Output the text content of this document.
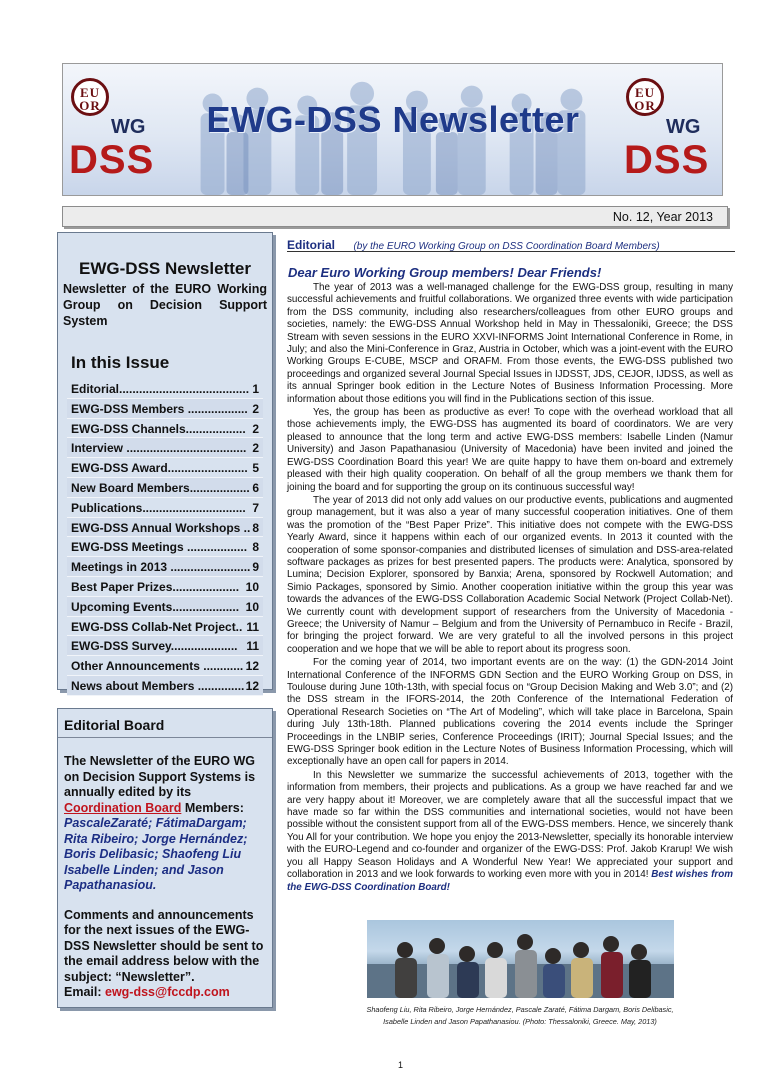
EU
OR
WG
DSS
EWG-DSS Newsletter
EU
OR
WG
DSS
No. 12, Year 2013
EWG-DSS Newsletter
Newsletter of the EURO Working Group on Decision Support System
In this Issue
1
Editorial.......................................
2
EWG-DSS Members ..................
2
EWG-DSS Channels..................
2
Interview ....................................
5
EWG-DSS Award........................
6
New Board Members..................
7
Publications...............................
8
EWG-DSS Annual Workshops ..
8
EWG-DSS Meetings ..................
9
Meetings in 2013 ........................
10
Best Paper Prizes....................
10
Upcoming Events....................
11
EWG-DSS Collab-Net Project..
11
EWG-DSS Survey....................
12
Other Announcements ............
12
News about Members ..............
Editorial Board
The Newsletter of the EURO WG on Decision Support Systems is annually edited by its Coordination Board Members:
PascaleZaraté; FátimaDargam; Rita Ribeiro; Jorge Hernández; Boris Delibasic; Shaofeng Liu Isabelle Linden; and Jason Papathanasiou.
Comments and announcements for the next issues of the EWG-DSS Newsletter should be sent to the email address below with the subject: “Newsletter”.
Email: ewg-dss@fccdp.com
Editorial (by the EURO Working Group on DSS Coordination Board Members)
Dear Euro Working Group members! Dear Friends!

The year of 2013 was a well-managed challenge for the EWG-DSS group, resulting in many successful achievements and fruitful collaborations. We organized three events with wide participation from the DSS community, including also researchers/colleagues from other EURO groups and societies, namely: the EWG-DSS Annual Workshop held in May in Thessaloniki, Greece; the DSS Stream with seven sessions in the EURO XXVI-INFORMS Joint International Conference in Rome, in July; and also the Mini-Conference in Graz, Austria in October, which was a joint-event with the EURO Working Groups E-CUBE, MSCP and ORAFM. From those events, the EWG-DSS published two proceedings and organized several Journal Special Issues in IJDSST, JDS, CEJOR, IJDSS, as well as its annual Springer book edition in the Lecture Notes of Business Information Processing. More information about those editions you will find in the Publications section of this issue.

Yes, the group has been as productive as ever! To cope with the overhead workload that all those achievements imply, the EWG-DSS has augmented its board of coordinators. We are very pleased to announce that the long term and active EWG-DSS members: Isabelle Linden (Namur University) and Jason Papathanasiou (University of Macedonia) have been invited and joined the EWG-DSS Coordination Board this year! We are quite happy to have them on-board and extremely pleased with their high quality cooperation. On behalf of all the group members we thank them for joining the board and for supporting the group on its continuous successful way!

The year of 2013 did not only add values on our productive events, publications and augmented group management, but it was also a year of many successful cooperation initiatives. One of them was the promotion of the “Best Paper Prize”. This initiative does not compete with the EWG-DSS Yearly Award, since it happens within each of our organized events. In 2013 it counted with the cooperation of some sponsor-companies and distributed licenses of simulation and DSS-area-related software packages as prizes for best presented papers. The products were: Analytica, sponsored by Lumina; Decision Explorer, sponsored by Banxia; Arena, sponsored by Rockwell Automation; and Simio Packages, sponsored by Simio. Another cooperation initiative within the group this year was towards the advances of the EWG-DSS Collaboration Academic Social Network (Project Collab-Net). We currently count with development support of researchers from the University of Macedonia - Greece; the University of Namur – Belgium and from the University of Pernambuco in Recife - Brazil, for bringing the project forward. We are very grateful to all the involved persons in this project cooperation and we hope that we will be able to report about its progress soon.

For the coming year of 2014, two important events are on the way: (1) the GDN-2014 Joint International Conference of the INFORMS GDN Section and the EURO Working Group on DSS, in Toulouse during June 10th-13th, with special focus on “Group Decision Making and Web 3.0”; and (2) the DSS stream in the IFORS-2014, the 20th Conference of the International Federation of Operational Research Societies on “The Art of Modeling”, which will take place in Barcelona, Spain during July 13th-18th. Planned publications covering the 2014 events include the Springer Proceedings in the LNBIP series, Conference Proceedings (IRIT); Journal Special Issues; and the EWG-DSS Springer book edition in the Lecture Notes of Business Information Processing, which will exceptionally have an open call for papers in 2014.

In this Newsletter we summarize the successful achievements of 2013, together with the information from members, their projects and publications. As a group we have reached far and we are very happy about it! Moreover, we are completely aware that all the successful impact that we have made so far within the DSS communities and international societies, would not have been possible without the consistent support from all of the EWG-DSS members. Hence, we sincerely thank You All for your contribution. We hope you enjoy the 2013-Newsletter, specially its honorable interview with the EURO-Legend and co-founder and organizer of the EWG-DSS: Prof. Jakob Krarup! We wish you all Happy Season Holidays and A Wonderful New Year! We appreciated your support and collaboration in 2013 and we look forwards to working even more with you in 2014! Best wishes from the EWG-DSS Coordination Board!

Shaofeng Liu, Rita Ribeiro, Jorge Hernández, Pascale Zaraté, Fátima Dargam, Boris Delibasic,
Isabelle Linden and Jason Papathanasiou. (Photo: Thessaloniki, Greece. May, 2013)
1
